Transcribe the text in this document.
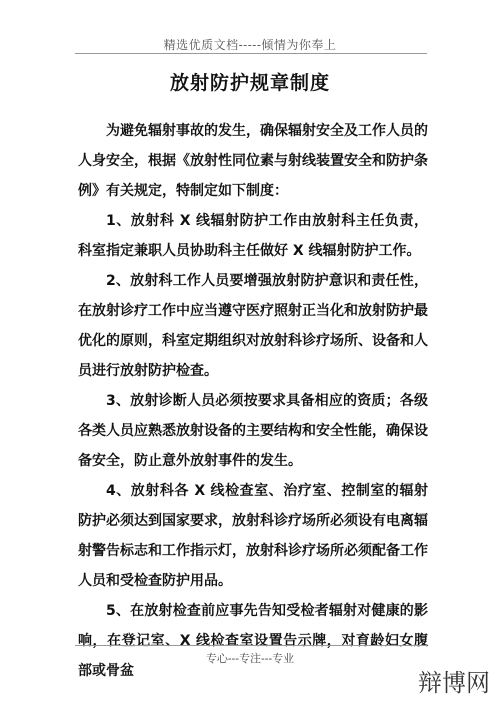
精选优质文档-----倾情为你奉上
放射防护规章制度

为避免辐射事故的发生，确保辐射安全及工作人员的人身安全，根据《放射性同位素与射线装置安全和防护条例》有关规定，特制定如下制度：

1、放射科 X 线辐射防护工作由放射科主任负责，科室指定兼职人员协助科主任做好 X 线辐射防护工作。

2、放射科工作人员要增强放射防护意识和责任性，在放射诊疗工作中应当遵守医疗照射正当化和放射防护最优化的原则，科室定期组织对放射科诊疗场所、设备和人员进行放射防护检查。

3、放射诊断人员必须按要求具备相应的资质；各级各类人员应熟悉放射设备的主要结构和安全性能，确保设备安全，防止意外放射事件的发生。

4、放射科各 X 线检查室、治疗室、控制室的辐射防护必须达到国家要求，放射科诊疗场所必须设有电离辐射警告标志和工作指示灯，放射科诊疗场所必须配备工作人员和受检查防护用品。

5、在放射检查前应事先告知受检者辐射对健康的影响，在登记室、X 线检查室设置告示牌，对育龄妇女腹部或骨盆

专心---专注---专业
辩博网
